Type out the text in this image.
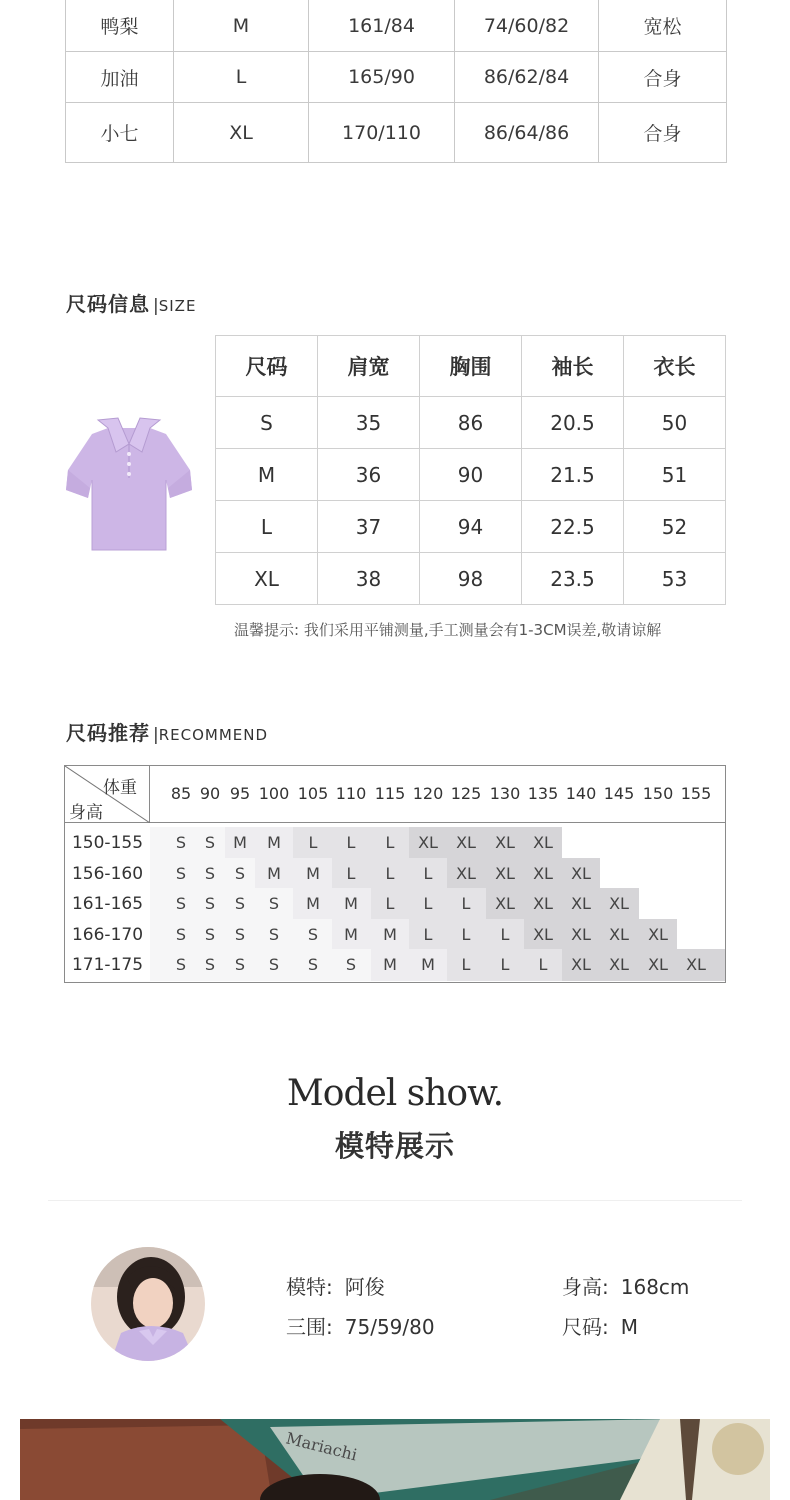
鸭梨	M	161/84	74/60/82	宽松
加油	L	165/90	86/62/84	合身
小七	XL	170/110	86/64/86	合身
尺码信息 | SIZE
尺码	肩宽	胸围	袖长	衣长
S	35	86	20.5	50
M	36	90	21.5	51
L	37	94	22.5	52
XL	38	98	23.5	53
温馨提示: 我们采用平铺测量,手工测量会有1-3CM误差,敬请谅解
尺码推荐 | RECOMMEND
体重
身高
85 90 95 100 105 110 115 120 125 130 135 140 145 150 155
150-155	S S M M L L L XL XL XL XL
156-160	S S S M M L L L XL XL XL XL
161-165	S S S S M M L L L XL XL XL XL
166-170	S S S S S M M L L L XL XL XL XL
171-175	S S S S S S M M L L L XL XL XL XL
Model show.
模特展示
模特: 阿俊	身高: 168cm
三围: 75/59/80	尺码: M
Mariachi
